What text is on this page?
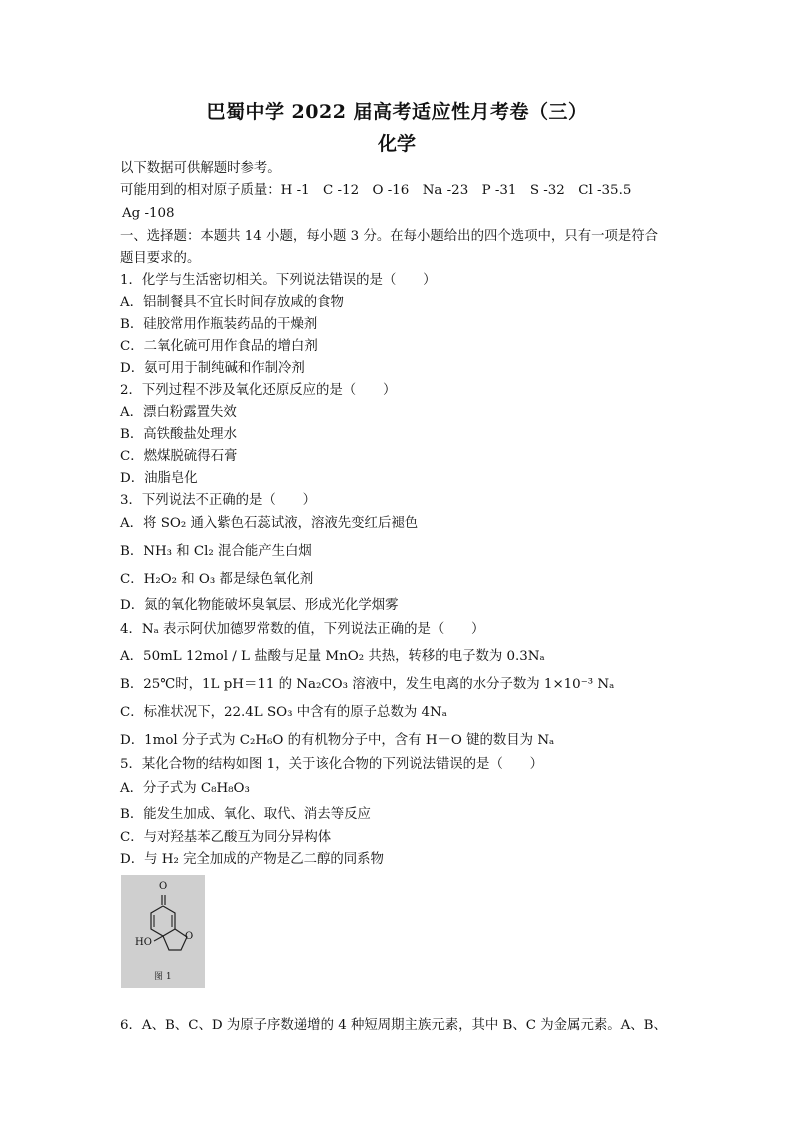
巴蜀中学 2022 届高考适应性月考卷（三）
化学
以下数据可供解题时参考。
可能用到的相对原子质量：H -1　C -12　O -16　Na -23　P -31　S -32　Cl -35.5
Ag -108
一、选择题：本题共 14 小题，每小题 3 分。在每小题给出的四个选项中，只有一项是符合
题目要求的。
1．化学与生活密切相关。下列说法错误的是（　　）
A．铝制餐具不宜长时间存放咸的食物
B．硅胶常用作瓶装药品的干燥剂
C．二氧化硫可用作食品的增白剂
D．氨可用于制纯碱和作制冷剂
2．下列过程不涉及氧化还原反应的是（　　）
A．漂白粉露置失效
B．高铁酸盐处理水
C．燃煤脱硫得石膏
D．油脂皂化
3．下列说法不正确的是（　　）
A．将 SO₂ 通入紫色石蕊试液，溶液先变红后褪色
B．NH₃ 和 Cl₂ 混合能产生白烟
C．H₂O₂ 和 O₃ 都是绿色氧化剂
D．氮的氧化物能破坏臭氧层、形成光化学烟雾
4．Nₐ 表示阿伏加德罗常数的值，下列说法正确的是（　　）
A．50mL 12mol / L 盐酸与足量 MnO₂ 共热，转移的电子数为 0.3Nₐ
B．25℃时，1L pH＝11 的 Na₂CO₃ 溶液中，发生电离的水分子数为 1×10⁻³ Nₐ
C．标准状况下，22.4L SO₃ 中含有的原子总数为 4Nₐ
D．1mol 分子式为 C₂H₆O 的有机物分子中，含有 H－O 键的数目为 Nₐ
5．某化合物的结构如图 1，关于该化合物的下列说法错误的是（　　）
A．分子式为 C₈H₈O₃
B．能发生加成、氧化、取代、消去等反应
C．与对羟基苯乙酸互为同分异构体
D．与 H₂ 完全加成的产物是乙二醇的同系物
O
HO
O
图 1
6．A、B、C、D 为原子序数递增的 4 种短周期主族元素，其中 B、C 为金属元素。A、B、
